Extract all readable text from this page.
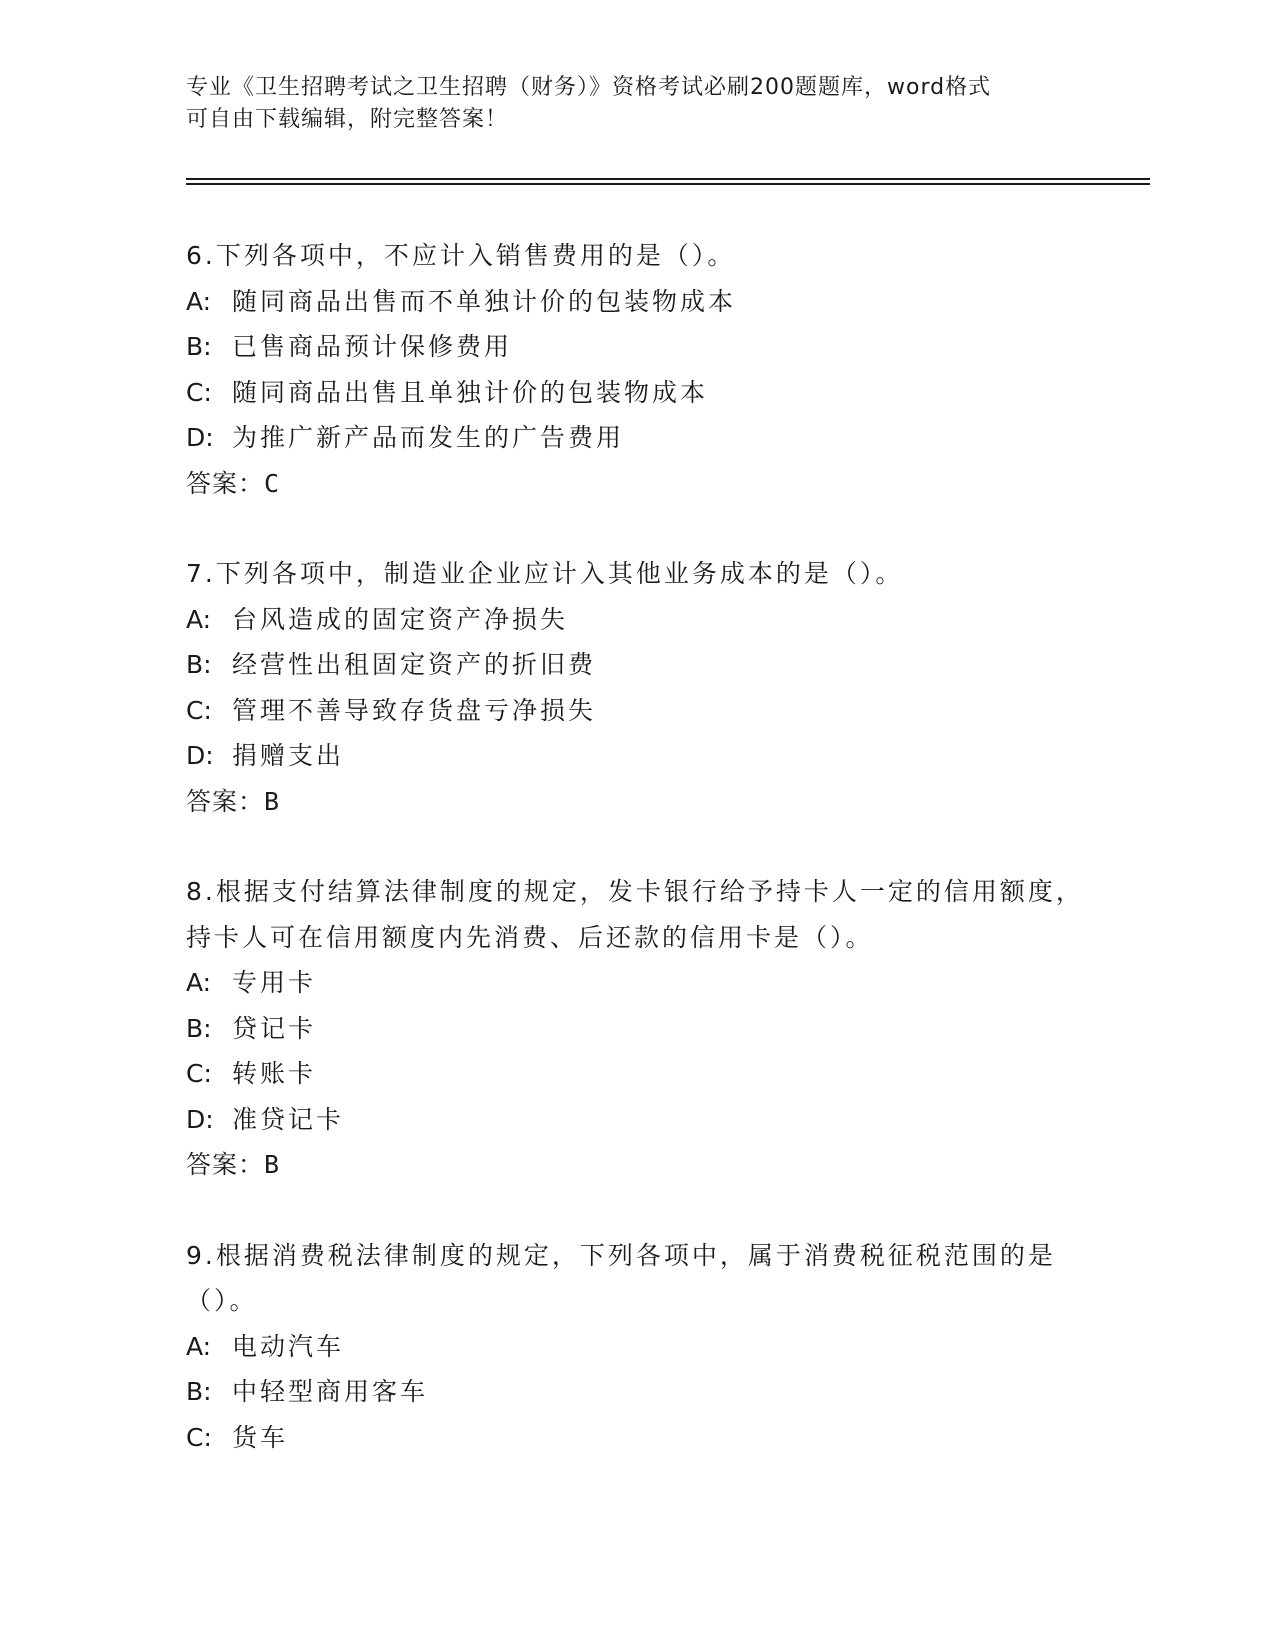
专业《卫生招聘考试之卫生招聘（财务）》资格考试必刷200题题库，word格式
可自由下载编辑，附完整答案！
6.下列各项中，不应计入销售费用的是（）。
A: 随同商品出售而不单独计价的包装物成本
B: 已售商品预计保修费用
C: 随同商品出售且单独计价的包装物成本
D: 为推广新产品而发生的广告费用
答案：C
7.下列各项中，制造业企业应计入其他业务成本的是（）。
A: 台风造成的固定资产净损失
B: 经营性出租固定资产的折旧费
C: 管理不善导致存货盘亏净损失
D: 捐赠支出
答案：B
8.根据支付结算法律制度的规定，发卡银行给予持卡人一定的信用额度，持卡人可在信用额度内先消费、后还款的信用卡是（）。
A: 专用卡
B: 贷记卡
C: 转账卡
D: 准贷记卡
答案：B
9.根据消费税法律制度的规定，下列各项中，属于消费税征税范围的是（）。
A: 电动汽车
B: 中轻型商用客车
C: 货车
